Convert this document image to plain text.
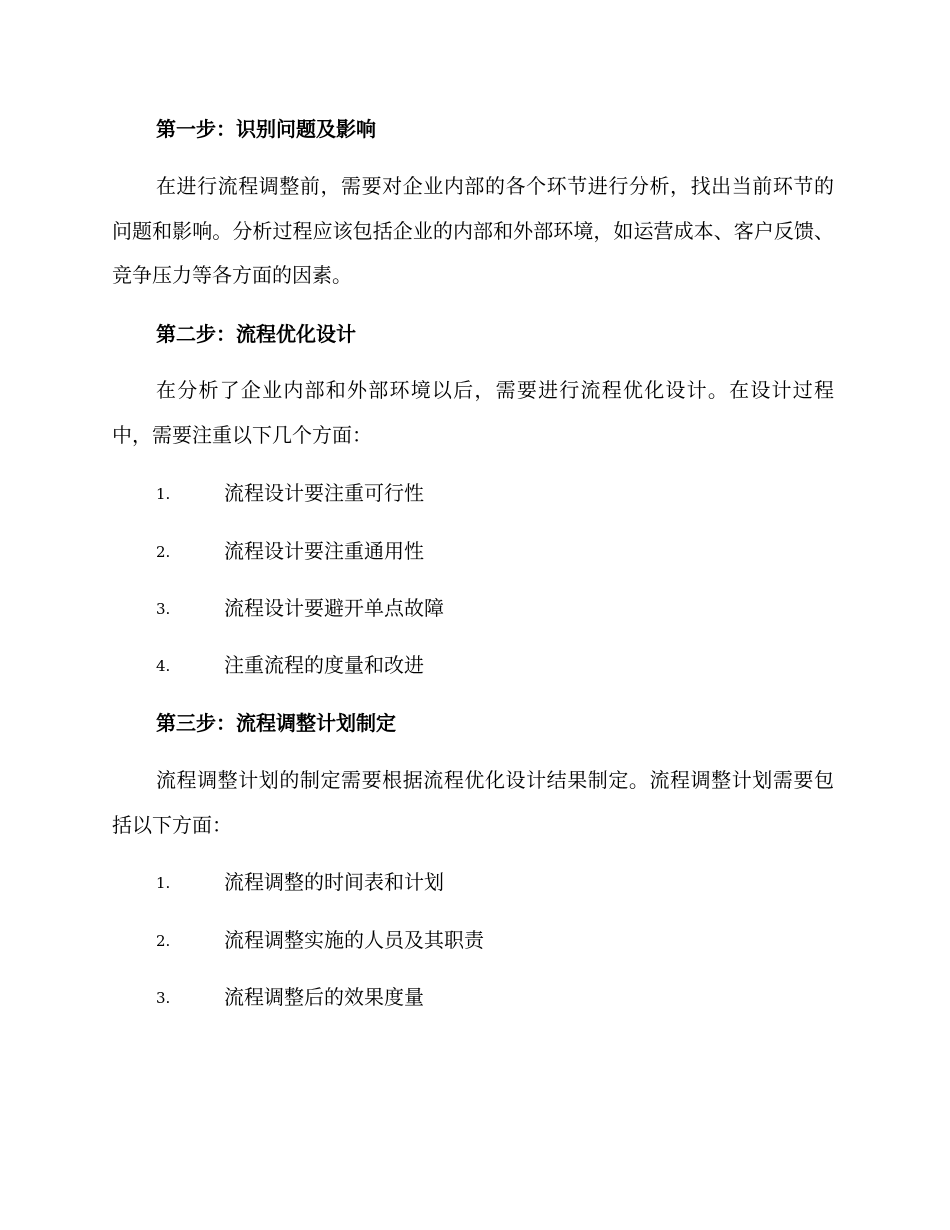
第一步：识别问题及影响
在进行流程调整前，需要对企业内部的各个环节进行分析，找出当前环节的问题和影响。分析过程应该包括企业的内部和外部环境，如运营成本、客户反馈、竞争压力等各方面的因素。
第二步：流程优化设计
在分析了企业内部和外部环境以后，需要进行流程优化设计。在设计过程中，需要注重以下几个方面：
1.	流程设计要注重可行性
2.	流程设计要注重通用性
3.	流程设计要避开单点故障
4.	注重流程的度量和改进
第三步：流程调整计划制定
流程调整计划的制定需要根据流程优化设计结果制定。流程调整计划需要包括以下方面：
1.	流程调整的时间表和计划
2.	流程调整实施的人员及其职责
3.	流程调整后的效果度量
